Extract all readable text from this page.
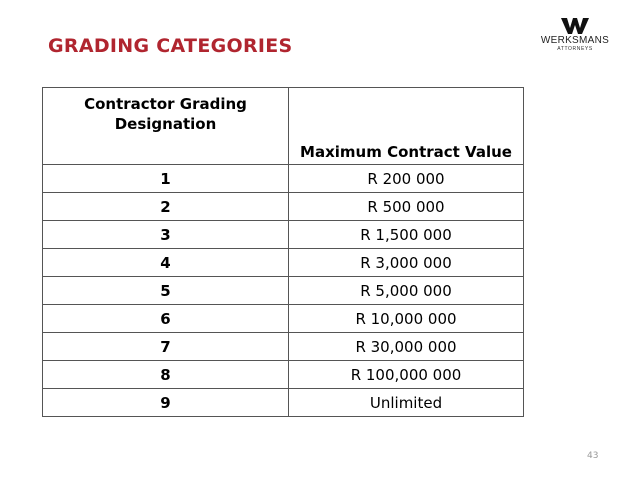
GRADING CATEGORIES	WERKSMANS
ATTORNEYS
Contractor Grading Designation	Maximum Contract Value
1	R 200 000
2	R 500 000
3	R 1,500 000
4	R 3,000 000
5	R 5,000 000
6	R 10,000 000
7	R 30,000 000
8	R 100,000 000
9	Unlimited
43
